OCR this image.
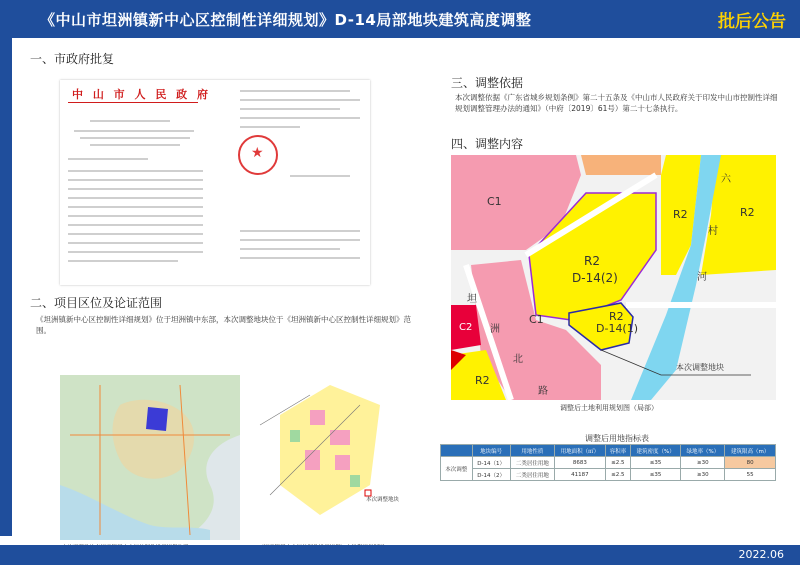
《中山市坦洲镇新中心区控制性详细规划》D-14局部地块建筑高度调整	批后公告
一、市政府批复
中 山 市 人 民 政 府
★
二、项目区位及论证范围
《坦洲镇新中心区控制性详细规划》位于坦洲镇中东部，本次调整地块位于《坦洲镇新中心区控制性详细规划》范围。
本次调整地块
三、调整依据
本次调整依据《广东省城乡规划条例》第二十五条及《中山市人民政府关于印发中山市控制性详细规划调整管理办法的通知》（中府〔2019〕61号）第二十七条执行。
四、调整内容
C1
C1
C2
R2
R2	R2
R2
D-14(2)
R2
D-14(1)
坦
洲
北
路
河
村
六
本次调整地块
调整后土地利用规划图（局部）
调整后用地指标表
	地块编号	用地性质	用地面积（㎡）	容积率	建筑密度（%）	绿地率（%）	建筑限高（m）
本次调整	D-14（1）	二类居住用地	8683	≤2.5	≤35	≥30	80
	D-14（2）	二类居住用地	41187	≤2.5	≤35	≥30	55
2022.06
